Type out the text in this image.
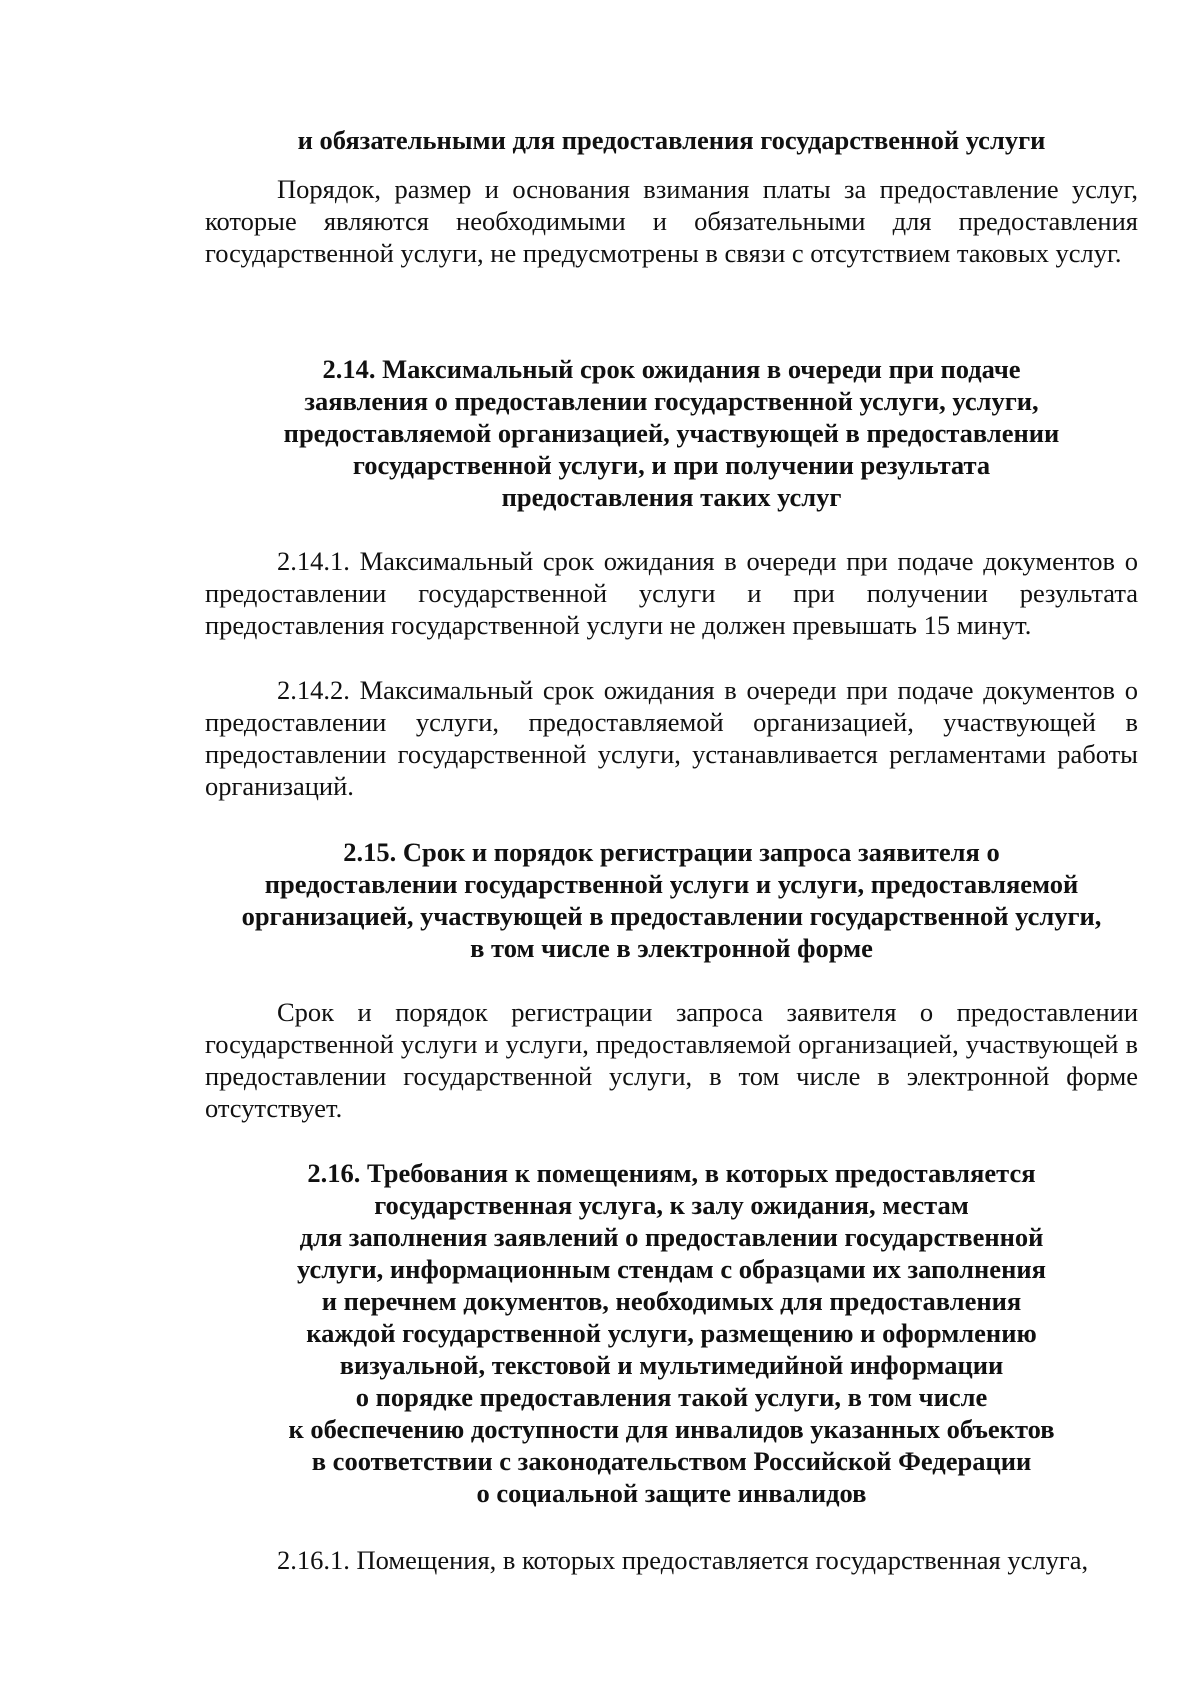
и обязательными для предоставления государственной услуги

Порядок, размер и основания взимания платы за предоставление услуг, которые являются необходимыми и обязательными для предоставления государственной услуги, не предусмотрены в связи с отсутствием таковых услуг.

2.14. Максимальный срок ожидания в очереди при подаче
заявления о предоставлении государственной услуги, услуги,
предоставляемой организацией, участвующей в предоставлении
государственной услуги, и при получении результата
предоставления таких услуг

2.14.1. Максимальный срок ожидания в очереди при подаче документов о предоставлении государственной услуги и при получении результата предоставления государственной услуги не должен превышать 15 минут.

2.14.2. Максимальный срок ожидания в очереди при подаче документов о предоставлении услуги, предоставляемой организацией, участвующей в предоставлении государственной услуги, устанавливается регламентами работы организаций.

2.15. Срок и порядок регистрации запроса заявителя о
предоставлении государственной услуги и услуги, предоставляемой
организацией, участвующей в предоставлении государственной услуги,
в том числе в электронной форме

Срок и порядок регистрации запроса заявителя о предоставлении государственной услуги и услуги, предоставляемой организацией, участвующей в предоставлении государственной услуги, в том числе в электронной форме отсутствует.

2.16. Требования к помещениям, в которых предоставляется
государственная услуга, к залу ожидания, местам
для заполнения заявлений о предоставлении государственной
услуги, информационным стендам с образцами их заполнения
и перечнем документов, необходимых для предоставления
каждой государственной услуги, размещению и оформлению
визуальной, текстовой и мультимедийной информации
о порядке предоставления такой услуги, в том числе
к обеспечению доступности для инвалидов указанных объектов
в соответствии с законодательством Российской Федерации
о социальной защите инвалидов

2.16.1. Помещения, в которых предоставляется государственная услуга,
